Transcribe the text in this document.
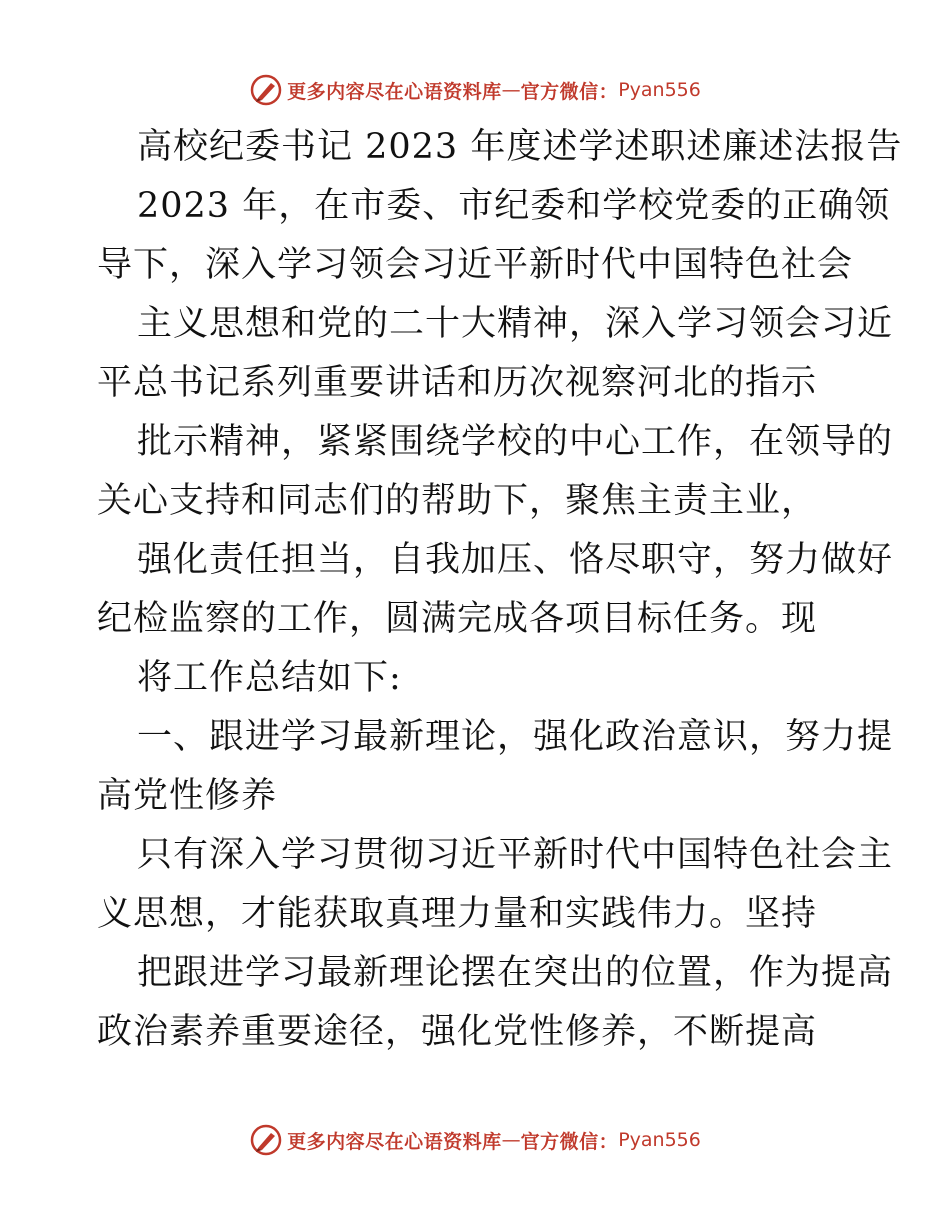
更多内容尽在心语资料库 — 官方微信： Pyan556
高校纪委书记 2023 年度述学述职述廉述法报告
2023 年，在市委、市纪委和学校党委的正确领
导下，深入学习领会习近平新时代中国特色社会
主义思想和党的二十大精神，深入学习领会习近
平总书记系列重要讲话和历次视察河北的指示
批示精神，紧紧围绕学校的中心工作，在领导的
关心支持和同志们的帮助下，聚焦主责主业，
强化责任担当，自我加压、恪尽职守，努力做好
纪检监察的工作，圆满完成各项目标任务。现
将工作总结如下:
一、跟进学习最新理论，强化政治意识，努力提
高党性修养
只有深入学习贯彻习近平新时代中国特色社会主
义思想，才能获取真理力量和实践伟力。坚持
把跟进学习最新理论摆在突出的位置，作为提高
政治素养重要途径，强化党性修养，不断提高
更多内容尽在心语资料库 — 官方微信： Pyan556
